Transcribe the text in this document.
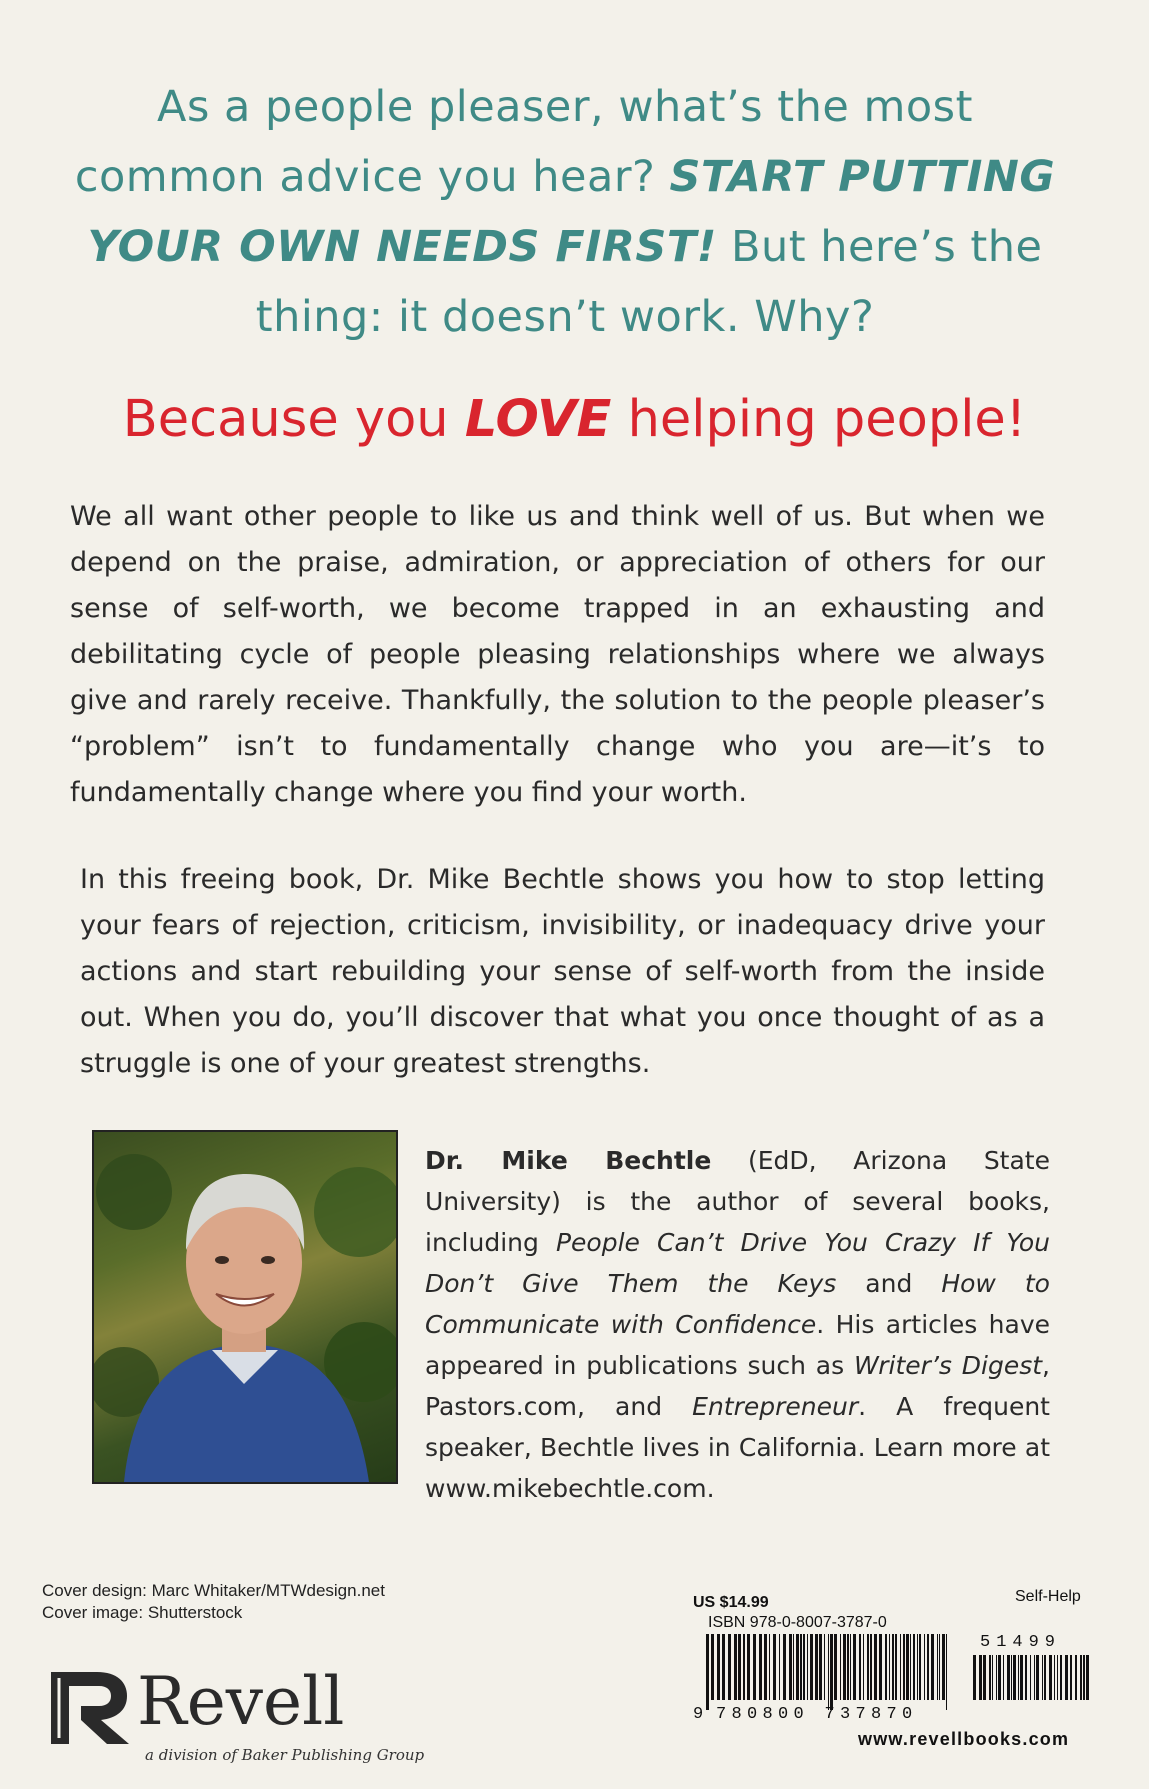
As a people pleaser, what’s the most
common advice you hear? START PUTTING
YOUR OWN NEEDS FIRST! But here’s the
thing: it doesn’t work. Why?
Because you LOVE helping people!
We all want other people to like us and think well of us. But when we depend on the praise, admiration, or appreciation of others for our sense of self-worth, we become trapped in an exhausting and debilitating cycle of people pleasing relationships where we always give and rarely receive. Thankfully, the solution to the people pleaser’s “problem” isn’t to fundamentally change who you are—it’s to fundamentally change where you find your worth.
In this freeing book, Dr. Mike Bechtle shows you how to stop letting your fears of rejection, criticism, invisibility, or inadequacy drive your actions and start rebuilding your sense of self-worth from the inside out. When you do, you’ll discover that what you once thought of as a struggle is one of your greatest strengths.
Dr. Mike Bechtle (EdD, Arizona State University) is the author of several books, including People Can’t Drive You Crazy If You Don’t Give Them the Keys and How to Communicate with Confidence. His articles have appeared in publications such as Writer’s Digest, Pastors.com, and Entrepreneur. A frequent speaker, Bechtle lives in California. Learn more at www.mikebechtle.com.
Cover design: Marc Whitaker/MTWdesign.net
Cover image: Shutterstock
Revell
a division of Baker Publishing Group
US $14.99	Self-Help
ISBN 978-0-8007-3787-0
51499
9 780800 737870
www.revellbooks.com
